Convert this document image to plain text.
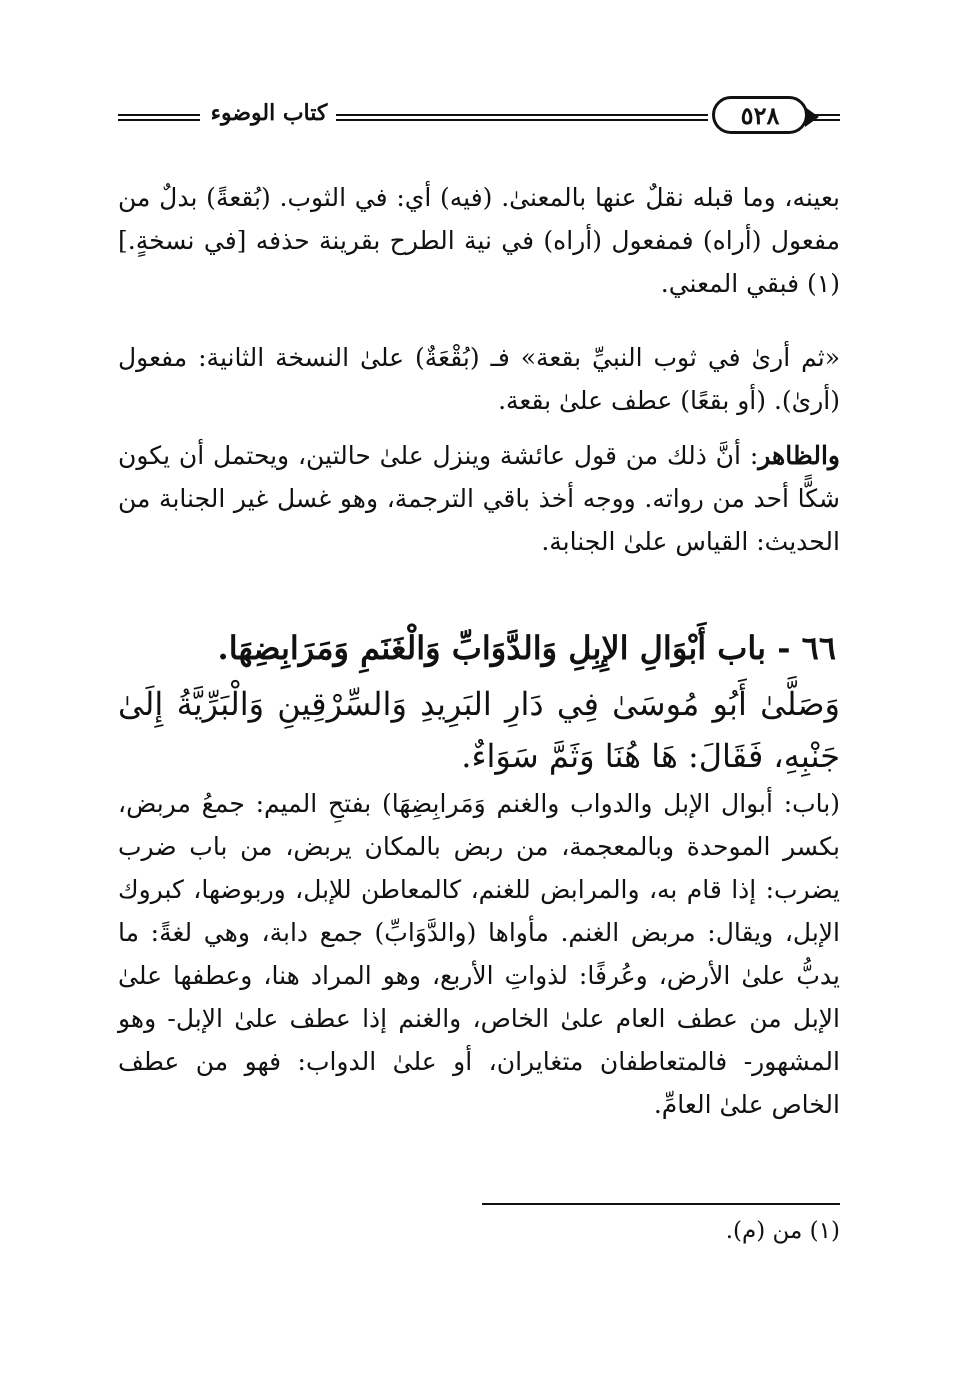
كتاب الوضوء	٥٢٨

بعينه، وما قبله نقلٌ عنها بالمعنىٰ. (فيه) أي: في الثوب. (بُقعةً) بدلٌ من مفعول (أراه) فمفعول (أراه) في نية الطرح بقرينة حذفه [في نسخةٍ.](١) فبقي المعني.

«ثم أرىٰ في ثوب النبيِّ بقعة» فـ (بُقْعَةٌ) علىٰ النسخة الثانية: مفعول (أرىٰ). (أو بقعًا) عطف علىٰ بقعة.

والظاهر: أنَّ ذلك من قول عائشة وينزل علىٰ حالتين، ويحتمل أن يكون شكًّا أحد من رواته. ووجه أخذ باقي الترجمة، وهو غسل غير الجنابة من الحديث: القياس علىٰ الجنابة.

٦٦ - باب أَبْوَالِ الإِبِلِ وَالدَّوَابِّ وَالْغَنَمِ وَمَرَابِضِهَا.

وَصَلَّىٰ أَبُو مُوسَىٰ فِي دَارِ البَرِيدِ وَالسِّرْقِينِ وَالْبَرِّيَّةُ إِلَىٰ جَنْبِهِ، فَقَالَ: هَا هُنَا وَثَمَّ سَوَاءٌ.

(باب: أبوال الإبل والدواب والغنم وَمَرابِضِهَا) بفتحِ الميم: جمعُ مربض، بكسر الموحدة وبالمعجمة، من ربض بالمكان يربض، من باب ضرب يضرب: إذا قام به، والمرابض للغنم، كالمعاطن للإبل، وربوضها، كبروك الإبل، ويقال: مربض الغنم. مأواها (والدَّوَابِّ) جمع دابة، وهي لغةً: ما يدبُّ علىٰ الأرض، وعُرفًا: لذواتِ الأربع، وهو المراد هنا، وعطفها علىٰ الإبل من عطف العام علىٰ الخاص، والغنم إذا عطف علىٰ الإبل- وهو المشهور- فالمتعاطفان متغايران، أو علىٰ الدواب: فهو من عطف الخاص علىٰ العامِّ.

(١) من (م).
